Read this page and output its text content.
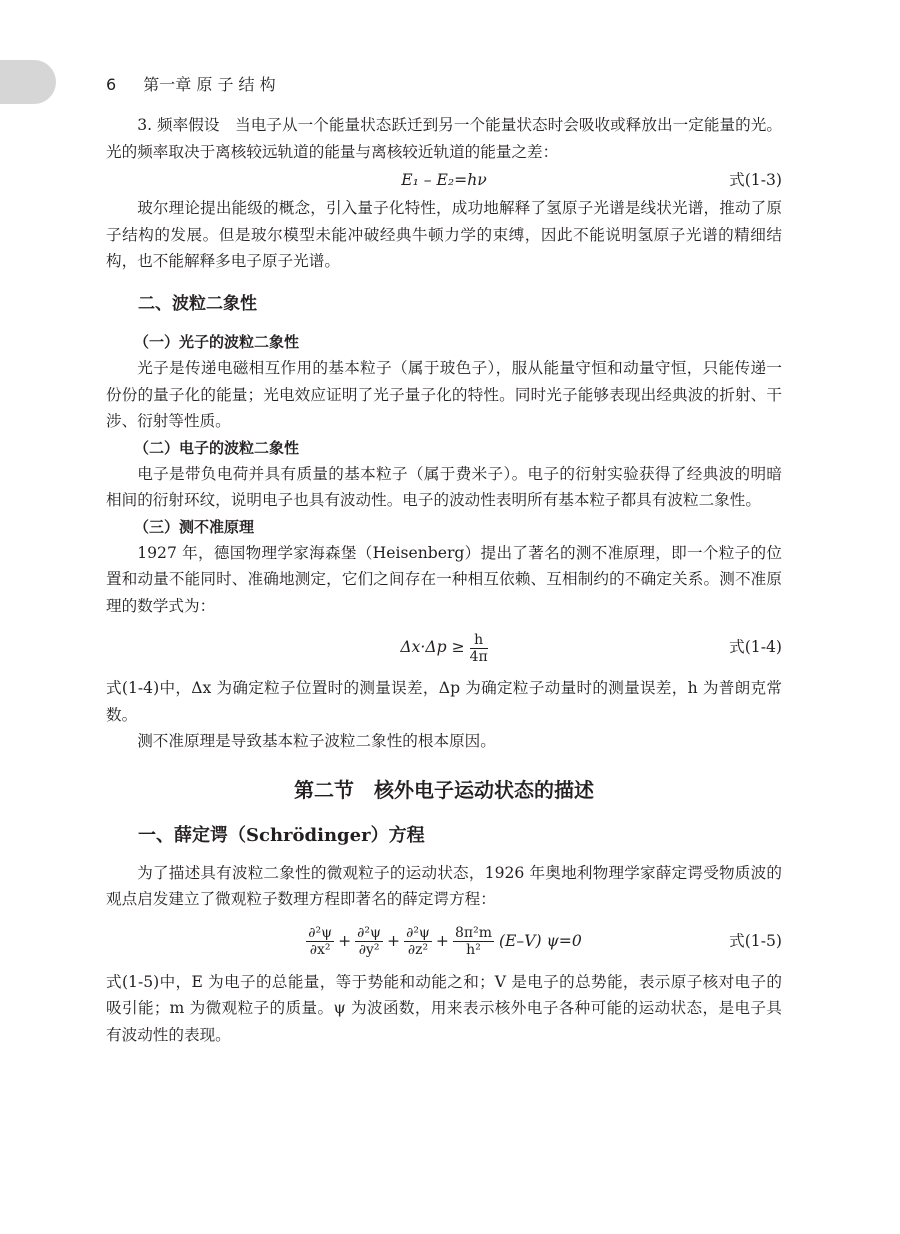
6 第一章 原 子 结 构

3. 频率假设　当电子从一个能量状态跃迁到另一个能量状态时会吸收或释放出一定能量的光。光的频率取决于离核较远轨道的能量与离核较近轨道的能量之差：

E₁ – E₂=hν	式(1-3)

玻尔理论提出能级的概念，引入量子化特性，成功地解释了氢原子光谱是线状光谱，推动了原子结构的发展。但是玻尔模型未能冲破经典牛顿力学的束缚，因此不能说明氢原子光谱的精细结构，也不能解释多电子原子光谱。

二、波粒二象性
（一）光子的波粒二象性

光子是传递电磁相互作用的基本粒子（属于玻色子），服从能量守恒和动量守恒，只能传递一份份的量子化的能量；光电效应证明了光子量子化的特性。同时光子能够表现出经典波的折射、干涉、衍射等性质。

（二）电子的波粒二象性

电子是带负电荷并具有质量的基本粒子（属于费米子）。电子的衍射实验获得了经典波的明暗相间的衍射环纹，说明电子也具有波动性。电子的波动性表明所有基本粒子都具有波粒二象性。

（三）测不准原理

1927 年，德国物理学家海森堡（Heisenberg）提出了著名的测不准原理，即一个粒子的位置和动量不能同时、准确地测定，它们之间存在一种相互依赖、互相制约的不确定关系。测不准原理的数学式为：

$\Delta x\cdot\Delta p \ge \frac{h}{4\pi}$	式(1-4)

式(1-4)中，Δx 为确定粒子位置时的测量误差，Δp 为确定粒子动量时的测量误差，h 为普朗克常数。

测不准原理是导致基本粒子波粒二象性的根本原因。

第二节　核外电子运动状态的描述
一、薛定谔（Schrödinger）方程

为了描述具有波粒二象性的微观粒子的运动状态，1926 年奥地利物理学家薛定谔受物质波的观点启发建立了微观粒子数理方程即著名的薛定谔方程：

$\frac{\text{∂²ψ}}{\text{∂x²}} + \frac{\text{∂²ψ}}{\text{∂y²}} + \frac{\text{∂²ψ}}{\text{∂z²}} + \frac{\text{8π²m}}{\text{h²}} (E-V)$ ψ=0	式(1-5)

式(1-5)中，E 为电子的总能量，等于势能和动能之和；V 是电子的总势能，表示原子核对电子的吸引能；m 为微观粒子的质量。ψ 为波函数，用来表示核外电子各种可能的运动状态，是电子具有波动性的表现。
